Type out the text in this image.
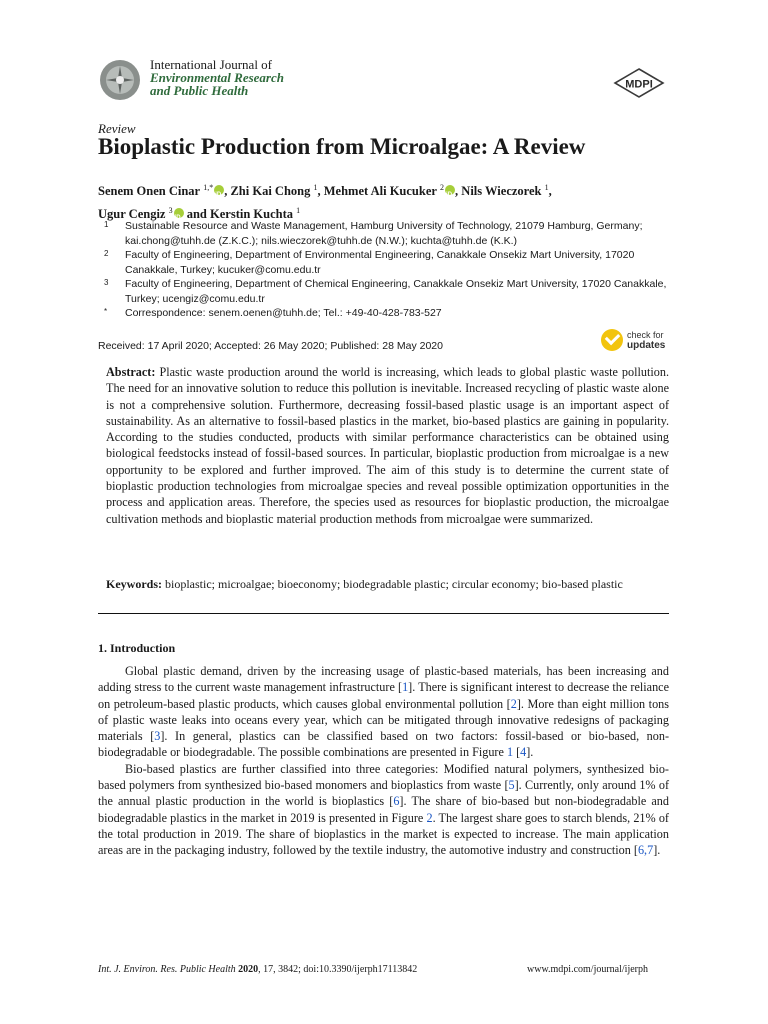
International Journal of
Environmental Research
and Public Health	MDPI
Review
Bioplastic Production from Microalgae: A Review
Senem Onen Cinar $^{1,*}$ iD , Zhi Kai Chong $^1$, Mehmet Ali Kucuker $^2$ iD , Nils Wieczorek $^1$,
Ugur Cengiz $^3$iD and Kerstin Kuchta $^1$
1	Sustainable Resource and Waste Management, Hamburg University of Technology, 21079 Hamburg, Germany; kai.chong@tuhh.de (Z.K.C.); nils.wieczorek@tuhh.de (N.W.); kuchta@tuhh.de (K.K.)
2	Faculty of Engineering, Department of Environmental Engineering, Canakkale Onsekiz Mart University, 17020 Canakkale, Turkey; kucuker@comu.edu.tr
3	Faculty of Engineering, Department of Chemical Engineering, Canakkale Onsekiz Mart University, 17020 Canakkale, Turkey; ucengiz@comu.edu.tr
*	Correspondence: senem.oenen@tuhh.de; Tel.: +49-40-428-783-527
Received: 17 April 2020; Accepted: 26 May 2020; Published: 28 May 2020
check for
updates
Abstract: Plastic waste production around the world is increasing, which leads to global plastic waste pollution. The need for an innovative solution to reduce this pollution is inevitable. Increased recycling of plastic waste alone is not a comprehensive solution. Furthermore, decreasing fossil-based plastic usage is an important aspect of sustainability. As an alternative to fossil-based plastics in the market, bio-based plastics are gaining in popularity. According to the studies conducted, products with similar performance characteristics can be obtained using biological feedstocks instead of fossil-based sources. In particular, bioplastic production from microalgae is a new opportunity to be explored and further improved. The aim of this study is to determine the current state of bioplastic production technologies from microalgae species and reveal possible optimization opportunities in the process and application areas. Therefore, the species used as resources for bioplastic production, the microalgae cultivation methods and bioplastic material production methods from microalgae were summarized.
Keywords: bioplastic; microalgae; bioeconomy; biodegradable plastic; circular economy; bio-based plastic
1. Introduction

Global plastic demand, driven by the increasing usage of plastic-based materials, has been increasing and adding stress to the current waste management infrastructure [1]. There is significant interest to decrease the reliance on petroleum-based plastic products, which causes global environmental pollution [2]. More than eight million tons of plastic waste leaks into oceans every year, which can be mitigated through innovative redesigns of packaging materials [3]. In general, plastics can be classified based on two factors: fossil-based or bio-based, non-biodegradable or biodegradable. The possible combinations are presented in Figure 1 [4].

Bio-based plastics are further classified into three categories: Modified natural polymers, synthesized bio-based polymers from synthesized bio-based monomers and bioplastics from waste [5]. Currently, only around 1% of the annual plastic production in the world is bioplastics [6]. The share of bio-based but non-biodegradable and biodegradable plastics in the market in 2019 is presented in Figure 2. The largest share goes to starch blends, 21% of the total production in 2019. The share of bioplastics in the market is expected to increase. The main application areas are in the packaging industry, followed by the textile industry, the automotive industry and construction [6,7].

Int. J. Environ. Res. Public Health 2020, 17, 3842; doi:10.3390/ijerph17113842	www.mdpi.com/journal/ijerph
